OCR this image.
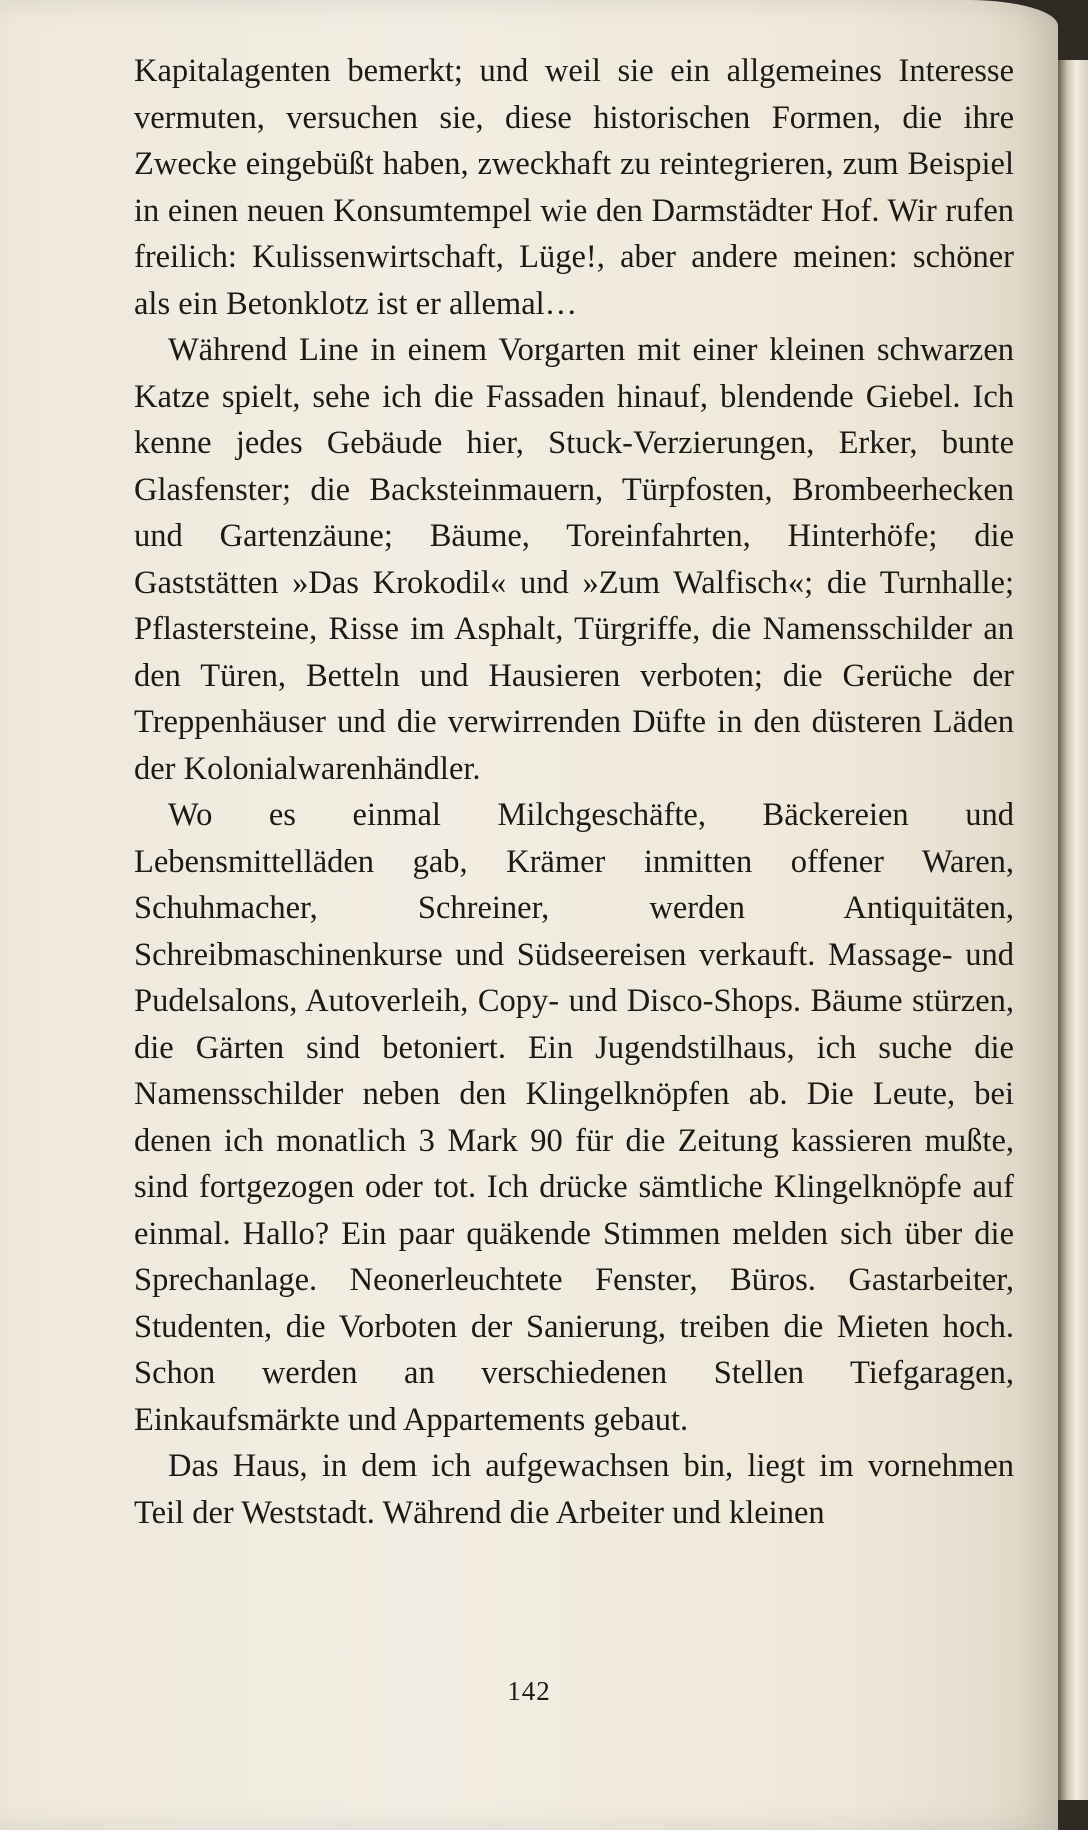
Kapitalagenten bemerkt; und weil sie ein allgemeines Interesse vermuten, versuchen sie, diese historischen Formen, die ihre Zwecke eingebüßt haben, zweckhaft zu reintegrieren, zum Beispiel in einen neuen Konsumtempel wie den Darmstädter Hof. Wir rufen freilich: Kulissenwirtschaft, Lüge!, aber andere meinen: schöner als ein Betonklotz ist er allemal…

Während Line in einem Vorgarten mit einer kleinen schwarzen Katze spielt, sehe ich die Fassaden hinauf, blendende Giebel. Ich kenne jedes Gebäude hier, Stuck-Verzierungen, Erker, bunte Glasfenster; die Backsteinmauern, Türpfosten, Brombeerhecken und Gartenzäune; Bäume, Toreinfahrten, Hinterhöfe; die Gaststätten »Das Krokodil« und »Zum Walfisch«; die Turnhalle; Pflastersteine, Risse im Asphalt, Türgriffe, die Namensschilder an den Türen, Betteln und Hausieren verboten; die Gerüche der Treppenhäuser und die verwirrenden Düfte in den düsteren Läden der Kolonialwarenhändler.

Wo es einmal Milchgeschäfte, Bäckereien und Lebensmittelläden gab, Krämer inmitten offener Waren, Schuhmacher, Schreiner, werden Antiquitäten, Schreibmaschinenkurse und Südseereisen verkauft. Massage- und Pudelsalons, Autoverleih, Copy- und Disco-Shops. Bäume stürzen, die Gärten sind betoniert. Ein Jugendstilhaus, ich suche die Namensschilder neben den Klingelknöpfen ab. Die Leute, bei denen ich monatlich 3 Mark 90 für die Zeitung kassieren mußte, sind fortgezogen oder tot. Ich drücke sämtliche Klingelknöpfe auf einmal. Hallo? Ein paar quäkende Stimmen melden sich über die Sprechanlage. Neonerleuchtete Fenster, Büros. Gastarbeiter, Studenten, die Vorboten der Sanierung, treiben die Mieten hoch. Schon werden an verschiedenen Stellen Tiefgaragen, Einkaufsmärkte und Appartements gebaut.

Das Haus, in dem ich aufgewachsen bin, liegt im vornehmen Teil der Weststadt. Während die Arbeiter und kleinen

142
